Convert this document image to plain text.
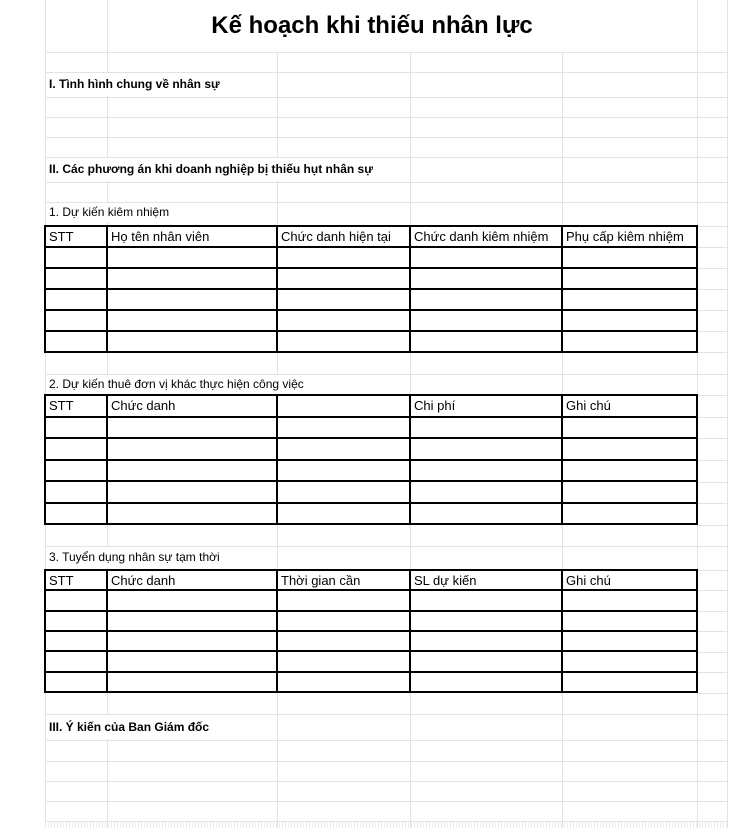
Kế hoạch khi thiếu nhân lực
I. Tình hình chung về nhân sự
II. Các phương án khi doanh nghiệp bị thiếu hụt nhân sự
III. Ý kiến của Ban Giám đốc
1. Dự kiến kiêm nhiệm
2. Dự kiến thuê đơn vị khác thực hiện công việc
3. Tuyển dụng nhân sự tạm thời
STT	Họ tên nhân viên	Chức danh hiện tại	Chức danh kiêm nhiệm	Phụ cấp kiêm nhiệm

STT	Chức danh		Chi phí	Ghi chú

STT	Chức danh	Thời gian cần	SL dự kiến	Ghi chú
